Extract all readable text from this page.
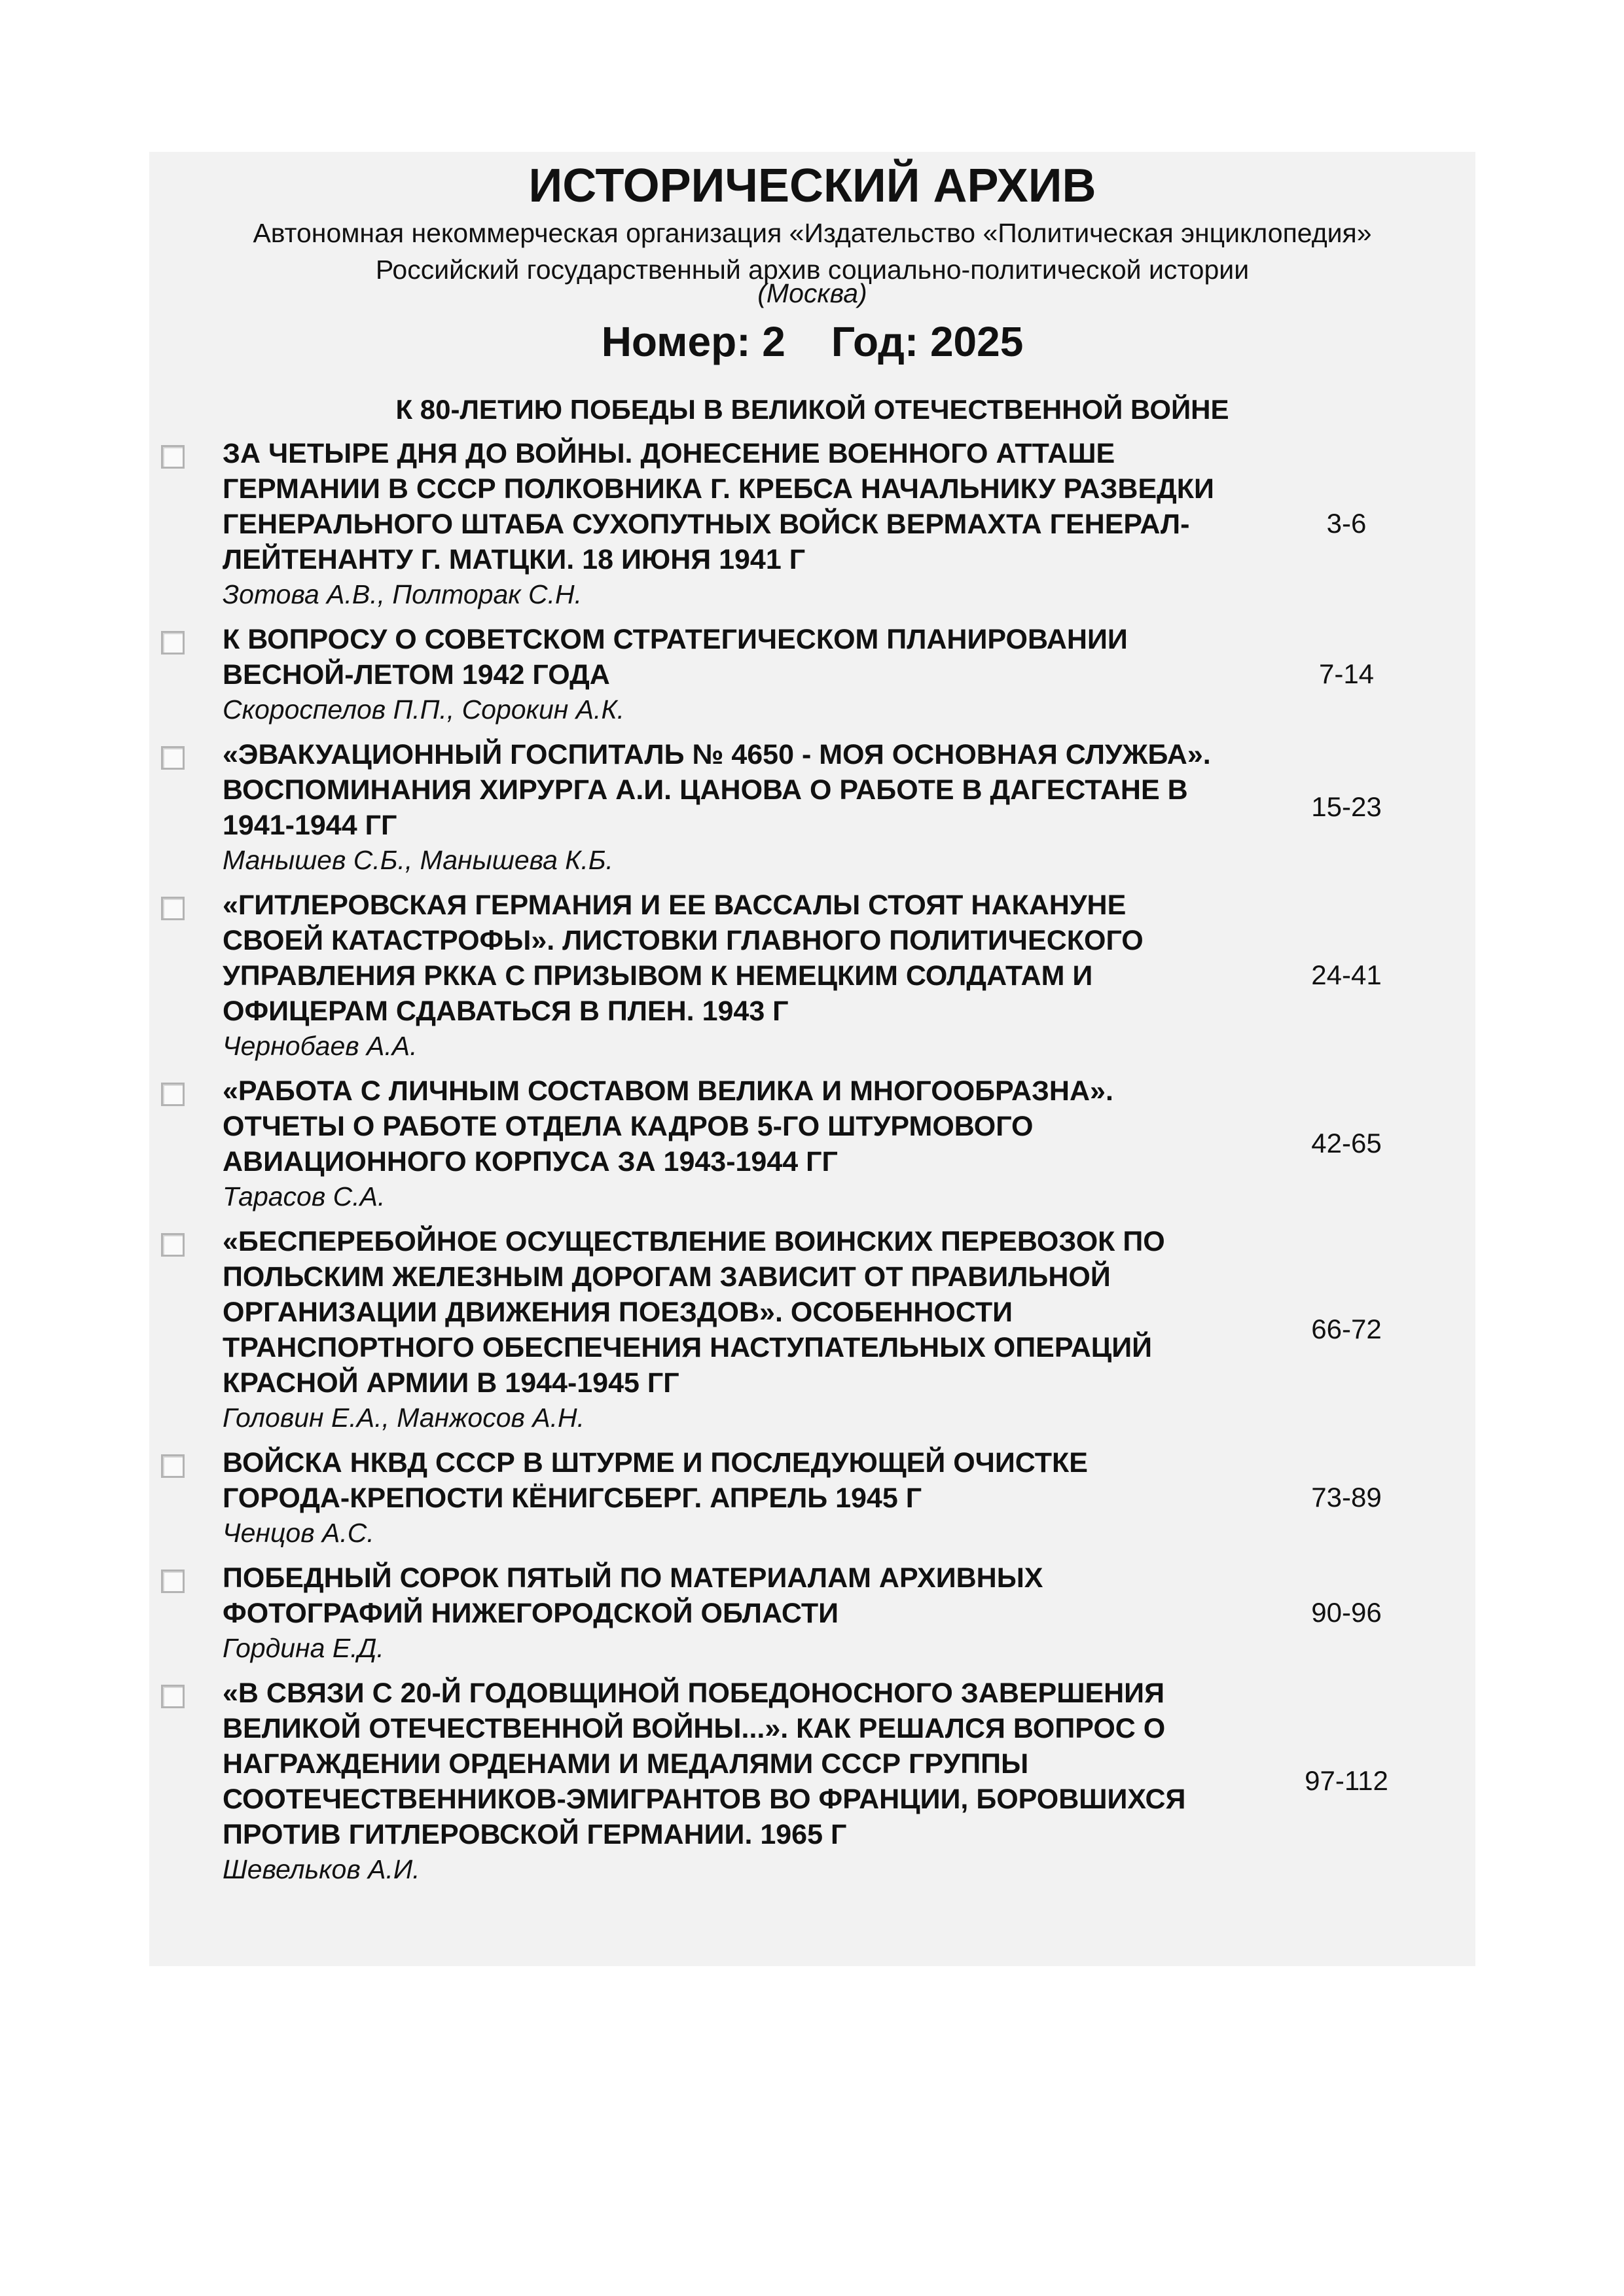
ИСТОРИЧЕСКИЙ АРХИВ
Автономная некоммерческая организация «Издательство «Политическая энциклопедия»
Российский государственный архив социально-политической истории
(Москва)
Номер: 2 Год: 2025
К 80-ЛЕТИЮ ПОБЕДЫ В ВЕЛИКОЙ ОТЕЧЕСТВЕННОЙ ВОЙНЕ
ЗА ЧЕТЫРЕ ДНЯ ДО ВОЙНЫ. ДОНЕСЕНИЕ ВОЕННОГО АТТАШЕ ГЕРМАНИИ В СССР ПОЛКОВНИКА Г. КРЕБСА НАЧАЛЬНИКУ РАЗВЕДКИ ГЕНЕРАЛЬНОГО ШТАБА СУХОПУТНЫХ ВОЙСК ВЕРМАХТА ГЕНЕРАЛ-ЛЕЙТЕНАНТУ Г. МАТЦКИ. 18 ИЮНЯ 1941 Г
Зотова А.В., Полторак С.Н.
3-6
К ВОПРОСУ О СОВЕТСКОМ СТРАТЕГИЧЕСКОМ ПЛАНИРОВАНИИ ВЕСНОЙ-ЛЕТОМ 1942 ГОДА
Скороспелов П.П., Сорокин А.К.
7-14
«ЭВАКУАЦИОННЫЙ ГОСПИТАЛЬ № 4650 - МОЯ ОСНОВНАЯ СЛУЖБА». ВОСПОМИНАНИЯ ХИРУРГА А.И. ЦАНОВА О РАБОТЕ В ДАГЕСТАНЕ В 1941-1944 ГГ
Манышев С.Б., Манышева К.Б.
15-23
«ГИТЛЕРОВСКАЯ ГЕРМАНИЯ И ЕЕ ВАССАЛЫ СТОЯТ НАКАНУНЕ СВОЕЙ КАТАСТРОФЫ». ЛИСТОВКИ ГЛАВНОГО ПОЛИТИЧЕСКОГО УПРАВЛЕНИЯ РККА С ПРИЗЫВОМ К НЕМЕЦКИМ СОЛДАТАМ И ОФИЦЕРАМ СДАВАТЬСЯ В ПЛЕН. 1943 Г
Чернобаев А.А.
24-41
«РАБОТА С ЛИЧНЫМ СОСТАВОМ ВЕЛИКА И МНОГООБРАЗНА». ОТЧЕТЫ О РАБОТЕ ОТДЕЛА КАДРОВ 5-ГО ШТУРМОВОГО АВИАЦИОННОГО КОРПУСА ЗА 1943-1944 ГГ
Тарасов С.А.
42-65
«БЕСПЕРЕБОЙНОЕ ОСУЩЕСТВЛЕНИЕ ВОИНСКИХ ПЕРЕВОЗОК ПО ПОЛЬСКИМ ЖЕЛЕЗНЫМ ДОРОГАМ ЗАВИСИТ ОТ ПРАВИЛЬНОЙ ОРГАНИЗАЦИИ ДВИЖЕНИЯ ПОЕЗДОВ». ОСОБЕННОСТИ ТРАНСПОРТНОГО ОБЕСПЕЧЕНИЯ НАСТУПАТЕЛЬНЫХ ОПЕРАЦИЙ КРАСНОЙ АРМИИ В 1944-1945 ГГ
Головин Е.А., Манжосов А.Н.
66-72
ВОЙСКА НКВД СССР В ШТУРМЕ И ПОСЛЕДУЮЩЕЙ ОЧИСТКЕ ГОРОДА-КРЕПОСТИ КЁНИГСБЕРГ. АПРЕЛЬ 1945 Г
Ченцов А.С.
73-89
ПОБЕДНЫЙ СОРОК ПЯТЫЙ ПО МАТЕРИАЛАМ АРХИВНЫХ ФОТОГРАФИЙ НИЖЕГОРОДСКОЙ ОБЛАСТИ
Гордина Е.Д.
90-96
«В СВЯЗИ С 20-Й ГОДОВЩИНОЙ ПОБЕДОНОСНОГО ЗАВЕРШЕНИЯ ВЕЛИКОЙ ОТЕЧЕСТВЕННОЙ ВОЙНЫ...». КАК РЕШАЛСЯ ВОПРОС О НАГРАЖДЕНИИ ОРДЕНАМИ И МЕДАЛЯМИ СССР ГРУППЫ СООТЕЧЕСТВЕННИКОВ-ЭМИГРАНТОВ ВО ФРАНЦИИ, БОРОВШИХСЯ ПРОТИВ ГИТЛЕРОВСКОЙ ГЕРМАНИИ. 1965 Г
Шевельков А.И.
97-112
